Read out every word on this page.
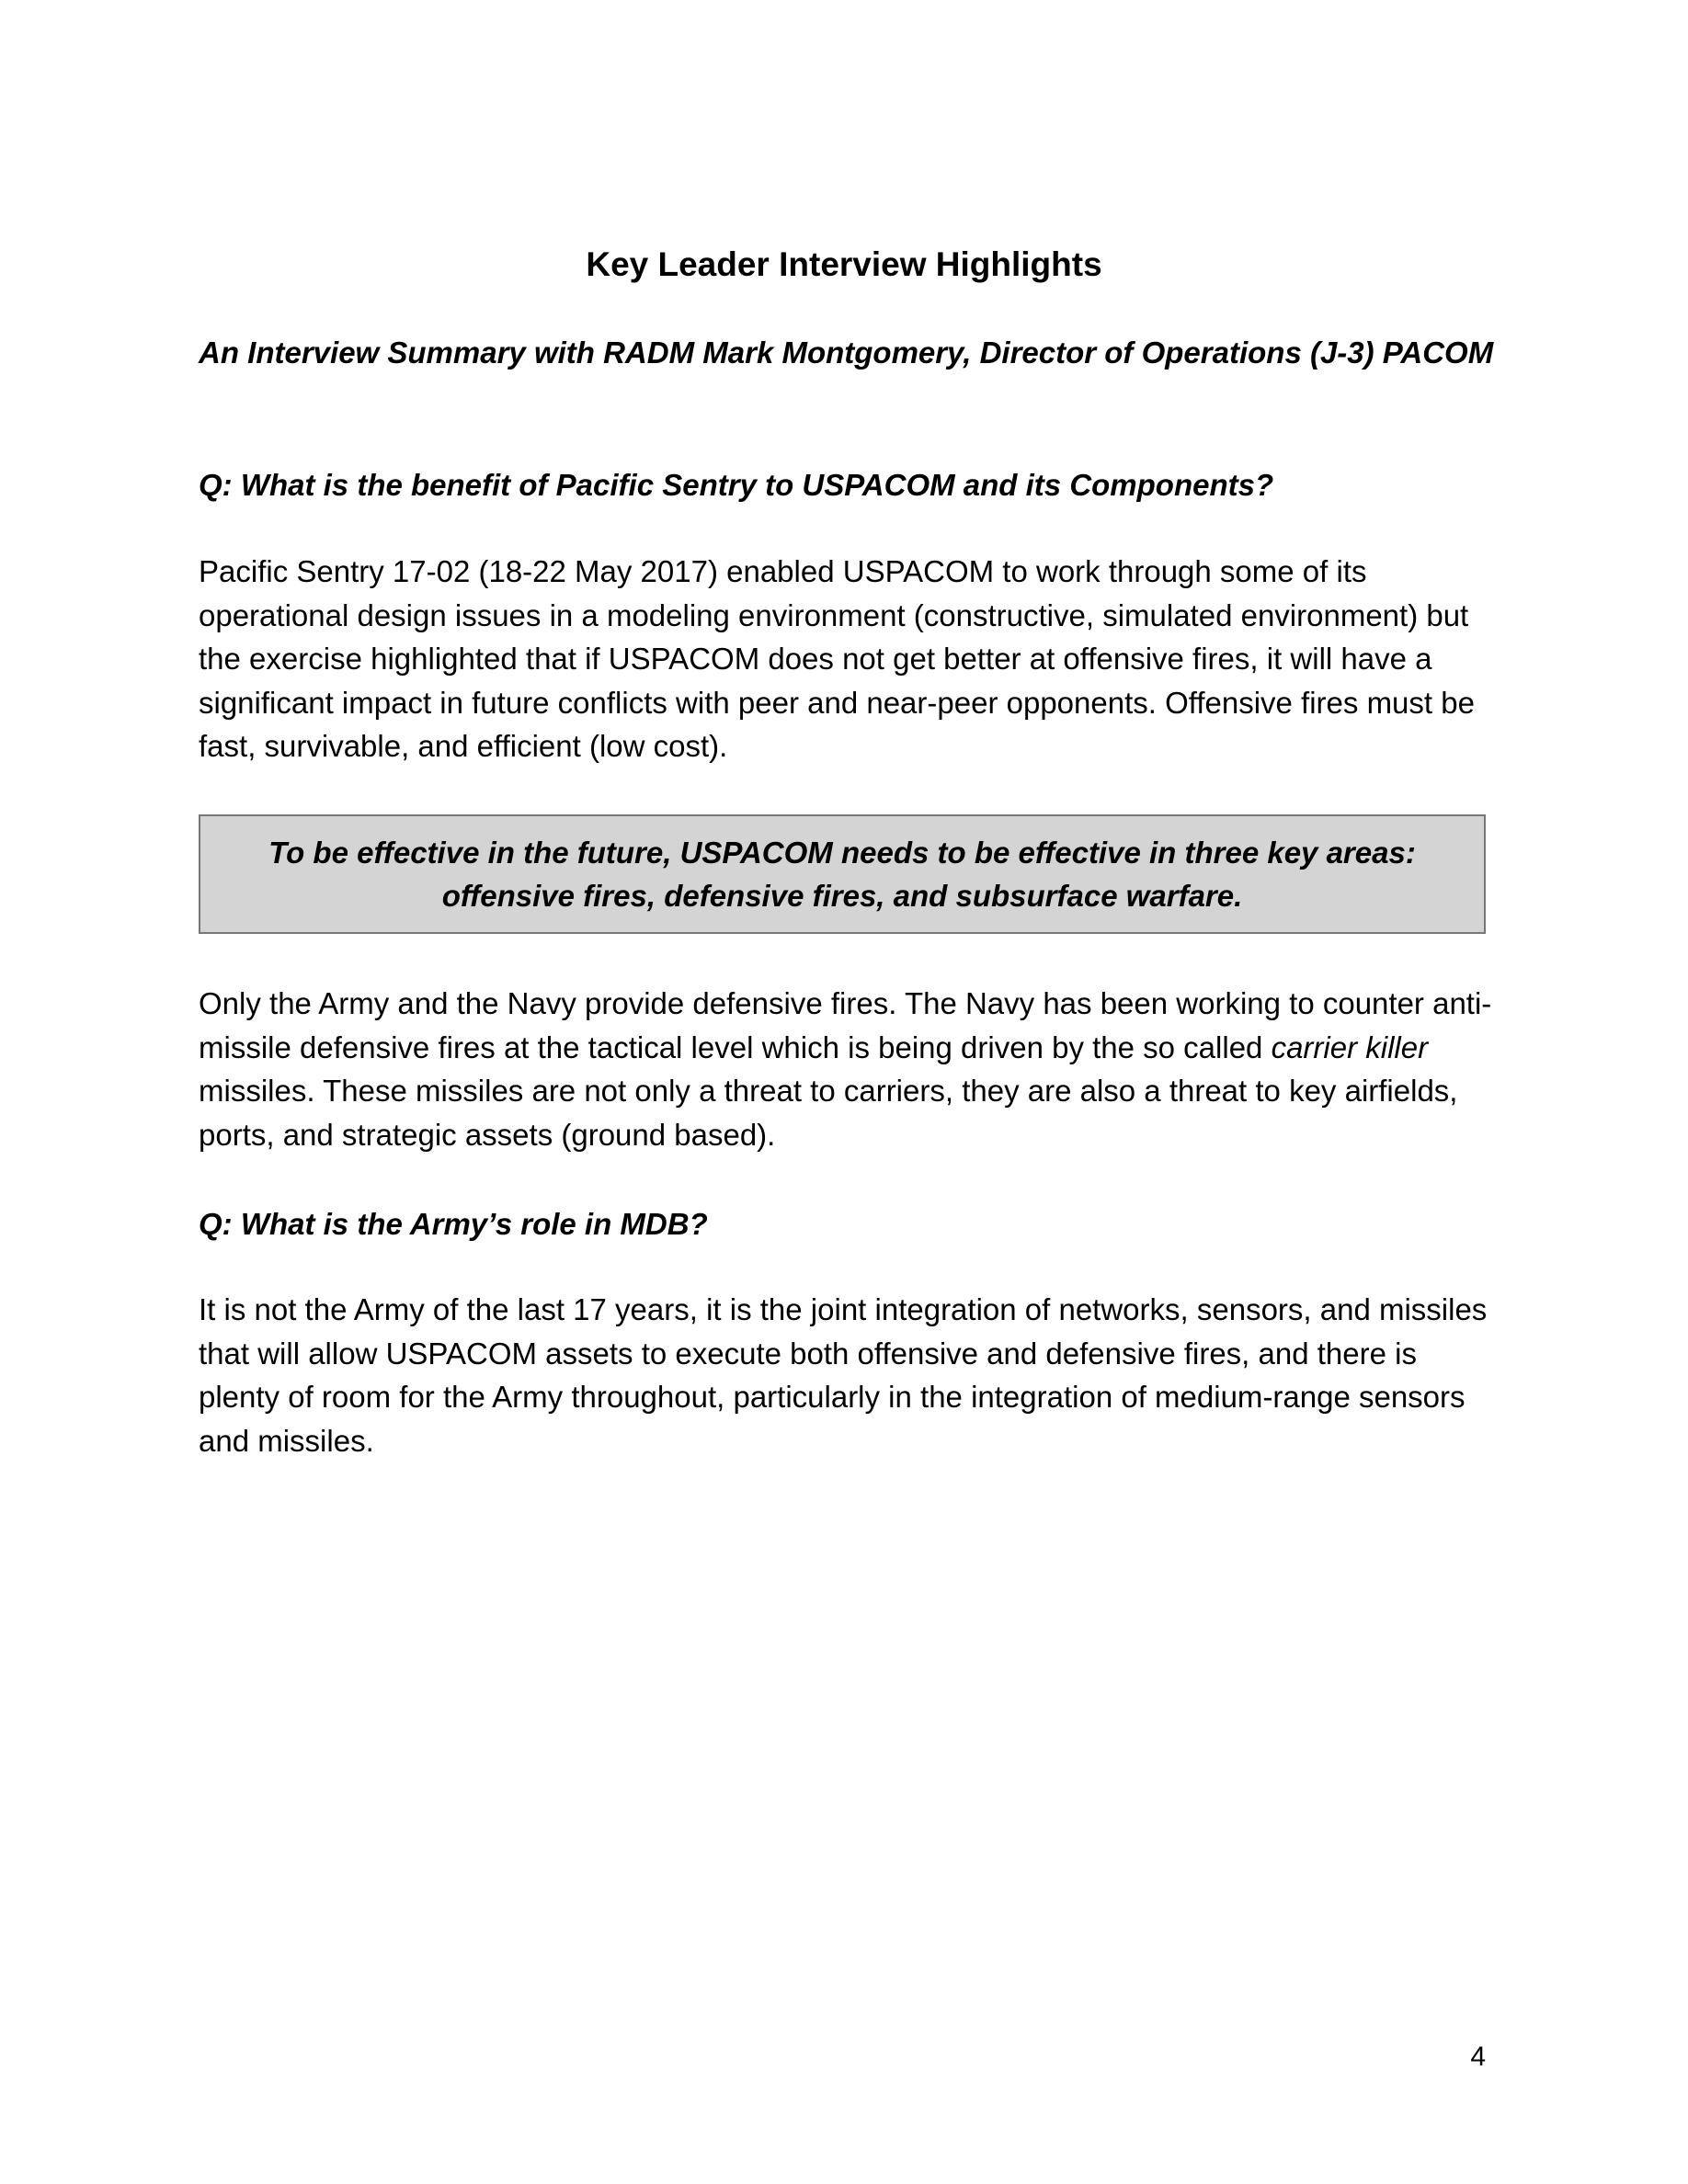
Key Leader Interview Highlights
An Interview Summary with RADM Mark Montgomery, Director of Operations (J-3) PACOM
Q: What is the benefit of Pacific Sentry to USPACOM and its Components?
Pacific Sentry 17-02 (18-22 May 2017) enabled USPACOM to work through some of its operational design issues in a modeling environment (constructive, simulated environment) but the exercise highlighted that if USPACOM does not get better at offensive fires, it will have a significant impact in future conflicts with peer and near-peer opponents. Offensive fires must be fast, survivable, and efficient (low cost).
To be effective in the future, USPACOM needs to be effective in three key areas: offensive fires, defensive fires, and subsurface warfare.
Only the Army and the Navy provide defensive fires. The Navy has been working to counter anti-missile defensive fires at the tactical level which is being driven by the so called carrier killer missiles. These missiles are not only a threat to carriers, they are also a threat to key airfields, ports, and strategic assets (ground based).
Q: What is the Army’s role in MDB?
It is not the Army of the last 17 years, it is the joint integration of networks, sensors, and missiles that will allow USPACOM assets to execute both offensive and defensive fires, and there is plenty of room for the Army throughout, particularly in the integration of medium-range sensors and missiles.
4
